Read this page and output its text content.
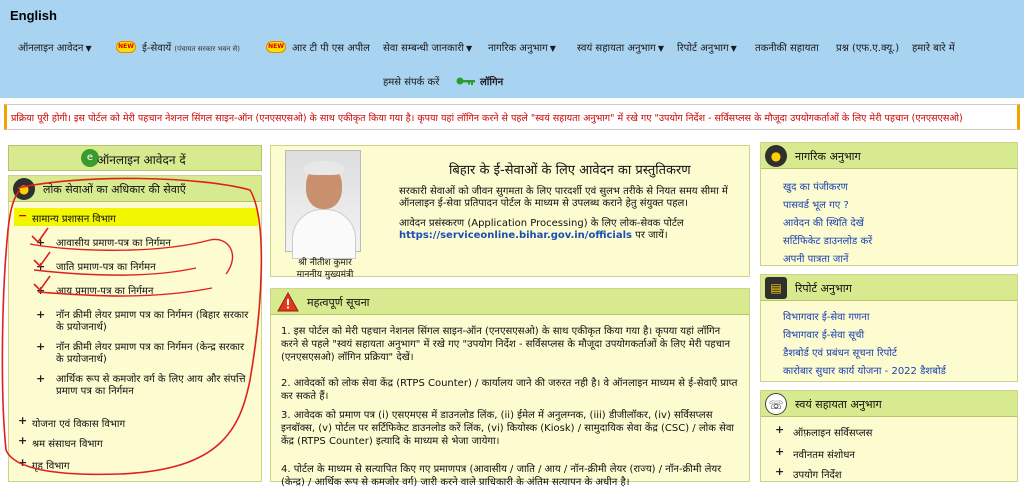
English
ऑनलाइन आवेदन ▼	NEW ई-सेवायें (पंचायत सरकार भवन से)	NEW आर टी पी एस अपील सेवा सम्बन्धी जानकारी ▼ नागरिक अनुभाग ▼ स्वयं सहायता अनुभाग ▼ रिपोर्ट अनुभाग ▼ तकनीकी सहायता प्रश्न (एफ.ए.क्यू.) हमारे बारे में
हमसे संपर्क करें	लॉगिन
प्रक्रिया पूरी होगी। इस पोर्टल को मेरी पहचान नेशनल सिंगल साइन-ऑन (एनएसएसओ) के साथ एकीकृत किया गया है। कृपया यहां लॉगिन करने से पहले "स्वयं सहायता अनुभाग" में रखे गए "उपयोग निर्देश - सर्विसप्लस के मौजूदा उपयोगकर्ताओं के लिए मेरी पहचान (एनएसएसओ)
e ऑनलाइन आवेदन दें
●	लोक सेवाओं का अधिकार की सेवाएँ
− सामान्य प्रशासन विभाग
+ आवासीय प्रमाण-पत्र का निर्गमन
+ जाति प्रमाण-पत्र का निर्गमन
+ आय प्रमाण-पत्र का निर्गमन
+ नॉन क्रीमी लेयर प्रमाण पत्र का निर्गमन (बिहार सरकार के प्रयोजनार्थ)
+ नॉन क्रीमी लेयर प्रमाण पत्र का निर्गमन (केन्द्र सरकार के प्रयोजनार्थ)
+ आर्थिक रूप से कमजोर वर्ग के लिए आय और संपत्ति प्रमाण पत्र का निर्गमन
+ योजना एवं विकास विभाग
+ श्रम संसाधन विभाग
+ गृह विभाग
श्री नीतीश कुमार
माननीय मुख्यमंत्री
बिहार के ई-सेवाओं के लिए आवेदन का प्रस्तुतिकरण
सरकारी सेवाओं को जीवन सुगमता के लिए पारदर्शी एवं सुलभ तरीके से नियत समय सीमा में ऑनलाइन ई-सेवा प्रतिपादन पोर्टल के माध्यम से उपलब्ध कराने हेतु संयुक्त पहल।
आवेदन प्रसंस्करण (Application Processing) के लिए लोक-सेवक पोर्टल
https://serviceonline.bihar.gov.in/officials पर जायें।
महत्वपूर्ण सूचना
1. इस पोर्टल को मेरी पहचान नेशनल सिंगल साइन-ऑन (एनएसएसओ) के साथ एकीकृत किया गया है। कृपया यहां लॉगिन करने से पहले "स्वयं सहायता अनुभाग" में रखे गए "उपयोग निर्देश - सर्विसप्लस के मौजूदा उपयोगकर्ताओं के लिए मेरी पहचान (एनएसएसओ) लॉगिन प्रक्रिया" देखें।
2. आवेदकों को लोक सेवा केंद्र (RTPS Counter) / कार्यालय जाने की जरुरत नही है। वे ऑनलाइन माध्यम से ई-सेवाएँ प्राप्त कर सकते हैं।
3. आवेदक को प्रमाण पत्र (i) एसएमएस में डाउनलोड लिंक, (ii) ईमेल में अनुलग्नक, (iii) डीजीलॉकर, (iv) सर्विसप्लस इनबॉक्स, (v) पोर्टल पर सर्टिफिकेट डाउनलोड करें लिंक, (vi) कियोस्क (Kiosk) / सामुदायिक सेवा केंद्र (CSC) / लोक सेवा केंद्र (RTPS Counter) इत्यादि के माध्यम से भेजा जायेगा।
4. पोर्टल के माध्यम से सत्यापित किए गए प्रमाणपत्र (आवासीय / जाति / आय / नॉन-क्रीमी लेयर (राज्य) / नॉन-क्रीमी लेयर (केन्द्र) / आर्थिक रूप से कमजोर वर्ग) जारी करने वाले प्राधिकारी के अंतिम सत्यापन के अधीन है।
●	नागरिक अनुभाग
खुद का पंजीकरण
पासवर्ड भूल गए ?
आवेदन की स्थिति देखें
सर्टिफिकेट डाउनलोड करें
अपनी पात्रता जानें
▤	रिपोर्ट अनुभाग
विभागवार ई-सेवा गणना
विभागवार ई-सेवा सूची
डैशबोर्ड एवं प्रबंधन सूचना रिपोर्ट
कारोबार सुधार कार्य योजना - 2022 डैशबोर्ड
☏	स्वयं सहायता अनुभाग
+ ऑफ़लाइन सर्विसप्लस
+ नवीनतम संशोधन
+ उपयोग निर्देश
